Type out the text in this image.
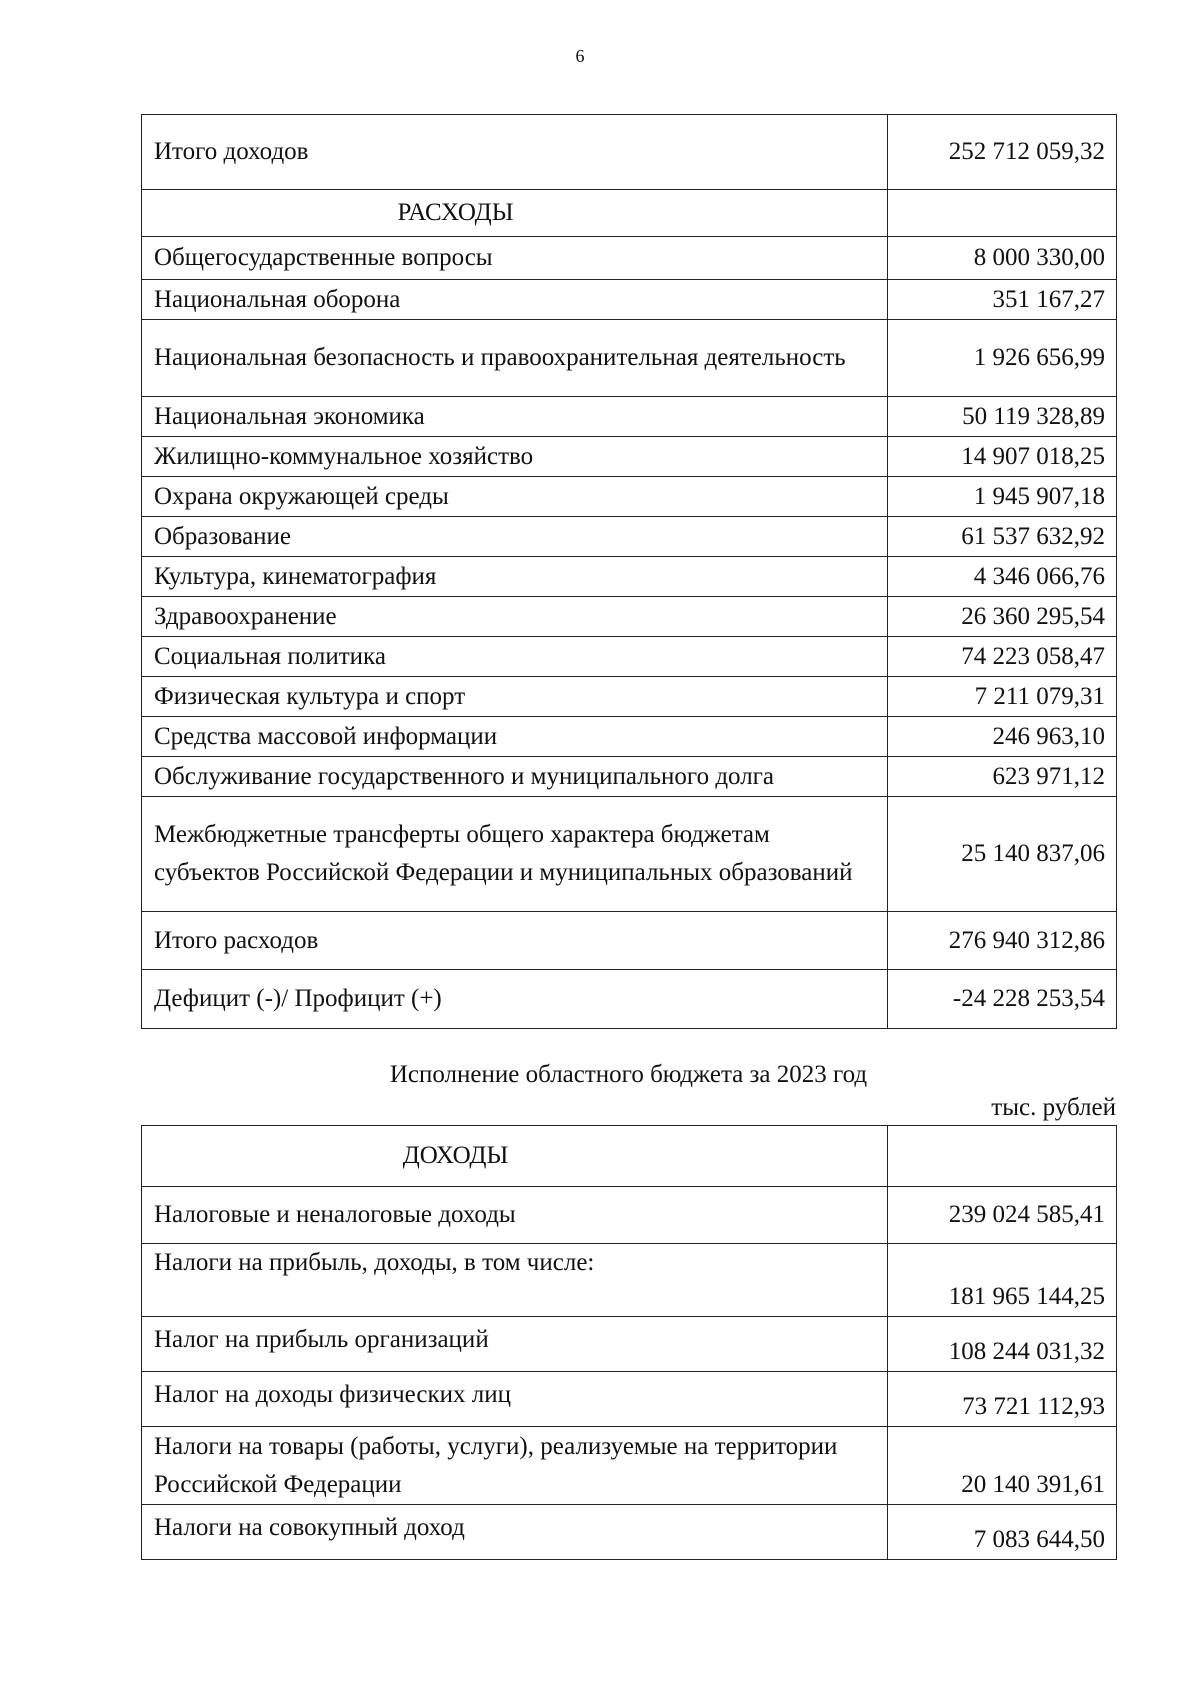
6
Итого доходов	252 712 059,32
РАСХОДЫ	
Общегосударственные вопросы	8 000 330,00
Национальная оборона	351 167,27
Национальная безопасность и правоохранительная деятельность	1 926 656,99
Национальная экономика	50 119 328,89
Жилищно-коммунальное хозяйство	14 907 018,25
Охрана окружающей среды	1 945 907,18
Образование	61 537 632,92
Культура, кинематография	4 346 066,76
Здравоохранение	26 360 295,54
Социальная политика	74 223 058,47
Физическая культура и спорт	7 211 079,31
Средства массовой информации	246 963,10
Обслуживание государственного и муниципального долга	623 971,12
Межбюджетные трансферты общего характера бюджетам субъектов Российской Федерации и муниципальных образований	25 140 837,06
Итого расходов	276 940 312,86
Дефицит (-)/ Профицит (+)	-24 228 253,54
Исполнение областного бюджета за 2023 год
тыс. рублей
ДОХОДЫ	
Налоговые и неналоговые доходы	239 024 585,41
Налоги на прибыль, доходы, в том числе:	181 965 144,25
Налог на прибыль организаций	108 244 031,32
Налог на доходы физических лиц	73 721 112,93
Налоги на товары (работы, услуги), реализуемые на территории Российской Федерации	20 140 391,61
Налоги на совокупный доход	7 083 644,50
